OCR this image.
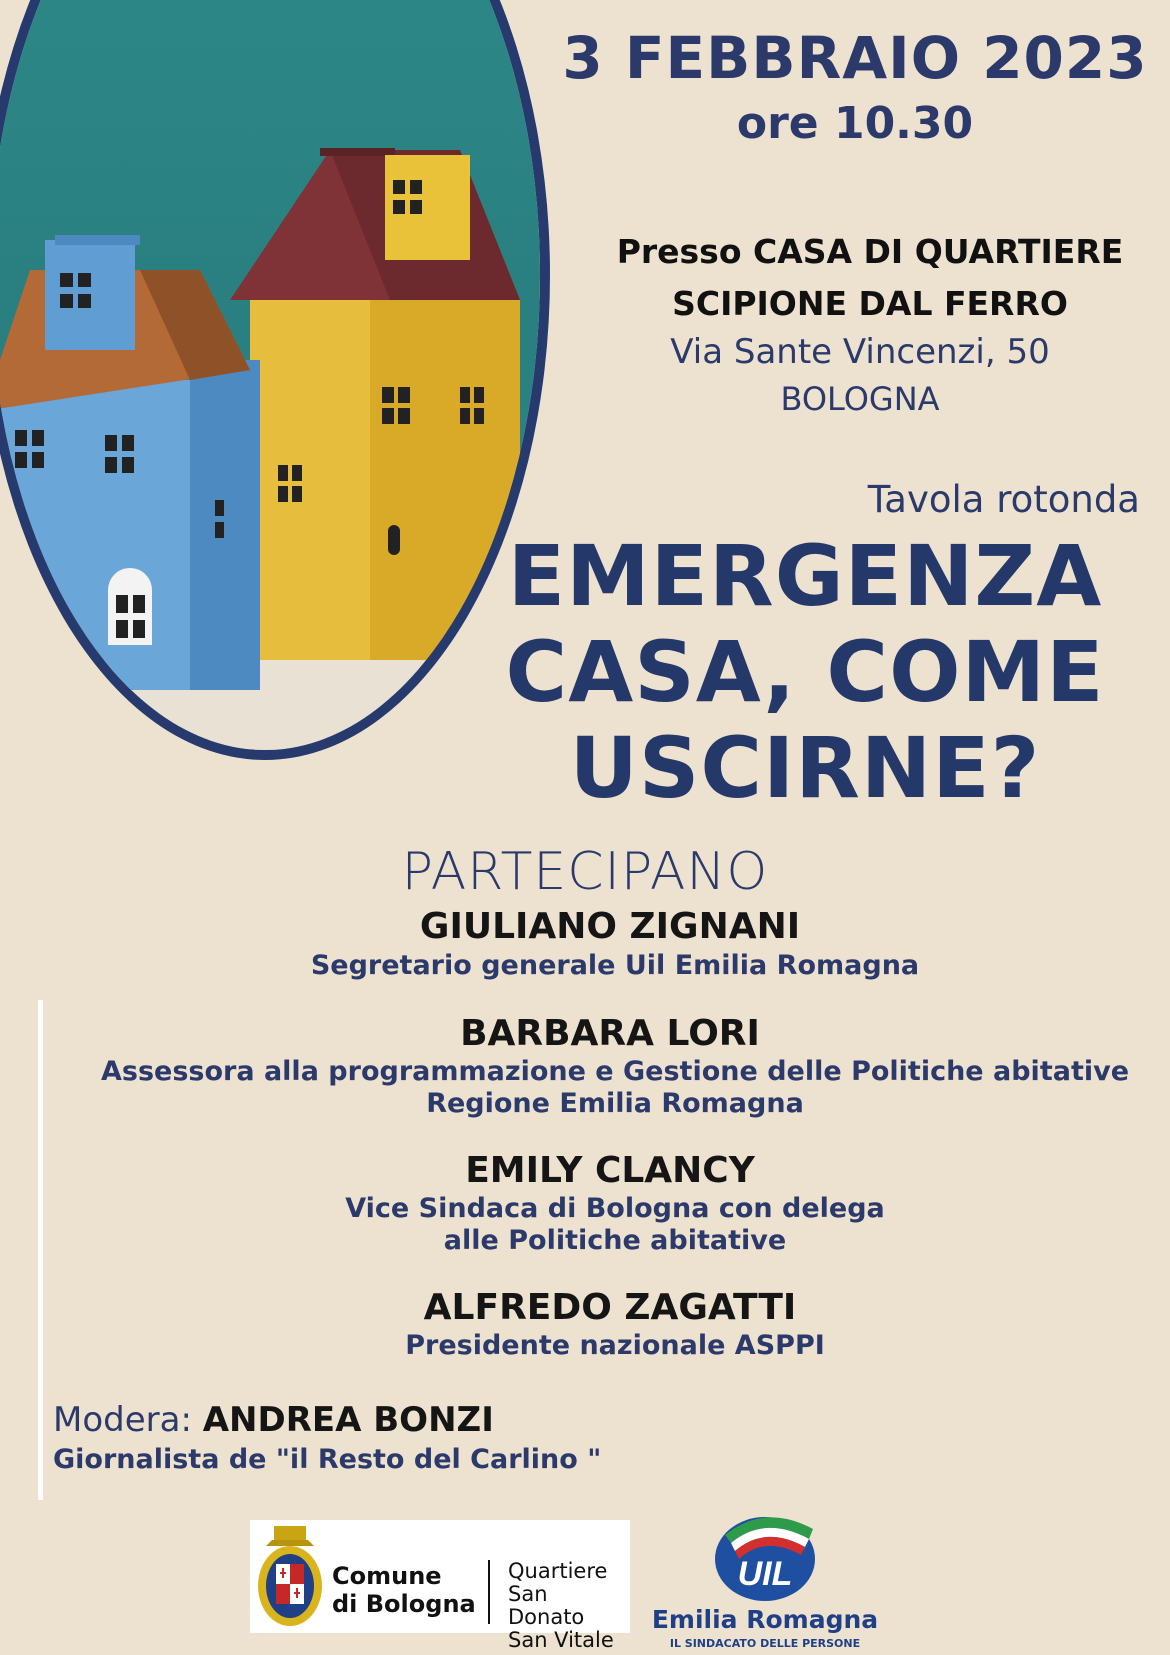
3 FEBBRAIO 2023
ore 10.30
Presso CASA DI QUARTIERE
SCIPIONE DAL FERRO
Via Sante Vincenzi, 50
BOLOGNA
Tavola rotonda
EMERGENZA
CASA, COME
USCIRNE?
PARTECIPANO
GIULIANO ZIGNANI
Segretario generale Uil Emilia Romagna
BARBARA LORI
Assessora alla programmazione e Gestione delle Politiche abitative
Regione Emilia Romagna
EMILY CLANCY
Vice Sindaca di Bologna con delega
alle Politiche abitative
ALFREDO ZAGATTI
Presidente nazionale ASPPI
Modera: ANDREA BONZI
Giornalista de "il Resto del Carlino "
Comune
di Bologna
Quartiere
San Donato
San Vitale
UIL
Emilia Romagna
IL SINDACATO DELLE PERSONE
